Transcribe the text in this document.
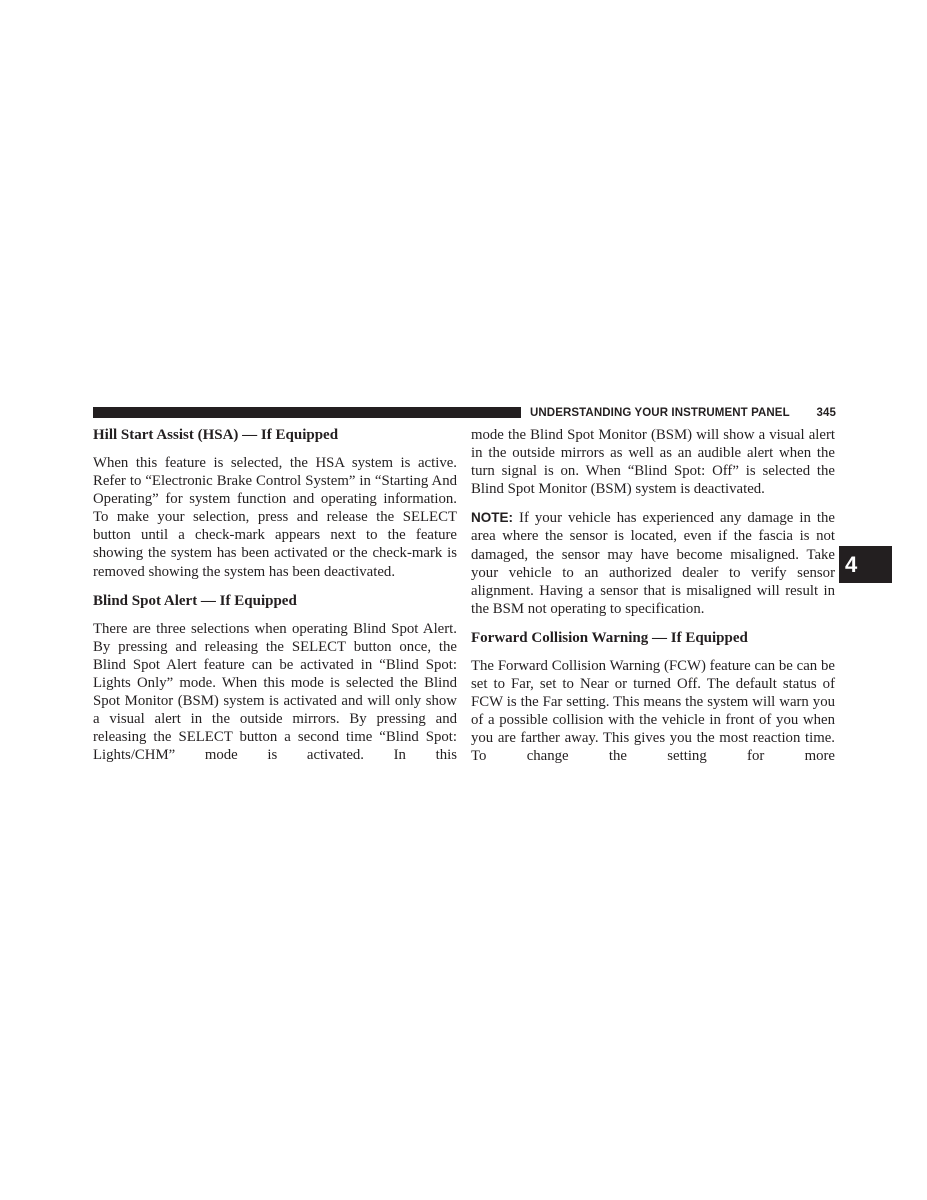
UNDERSTANDING YOUR INSTRUMENT PANEL 345
4
Hill Start Assist (HSA) — If Equipped

When this feature is selected, the HSA system is active. Refer to “Electronic Brake Control System” in “Starting And Operating” for system function and operating information. To make your selection, press and release the SELECT button until a check-mark appears next to the feature showing the system has been activated or the check-mark is removed showing the system has been deactivated.

Blind Spot Alert — If Equipped

There are three selections when operating Blind Spot Alert. By pressing and releasing the SELECT button once, the Blind Spot Alert feature can be activated in “Blind Spot: Lights Only” mode. When this mode is selected the Blind Spot Monitor (BSM) system is activated and will only show a visual alert in the outside mirrors. By pressing and releasing the SELECT button a second time “Blind Spot: Lights/CHM” mode is activated. In this

mode the Blind Spot Monitor (BSM) will show a visual alert in the outside mirrors as well as an audible alert when the turn signal is on. When “Blind Spot: Off” is selected the Blind Spot Monitor (BSM) system is deactivated.

NOTE: If your vehicle has experienced any damage in the area where the sensor is located, even if the fascia is not damaged, the sensor may have become misaligned. Take your vehicle to an authorized dealer to verify sensor alignment. Having a sensor that is misaligned will result in the BSM not operating to specification.

Forward Collision Warning — If Equipped

The Forward Collision Warning (FCW) feature can be can be set to Far, set to Near or turned Off. The default status of FCW is the Far setting. This means the system will warn you of a possible collision with the vehicle in front of you when you are farther away. This gives you the most reaction time. To change the setting for more
